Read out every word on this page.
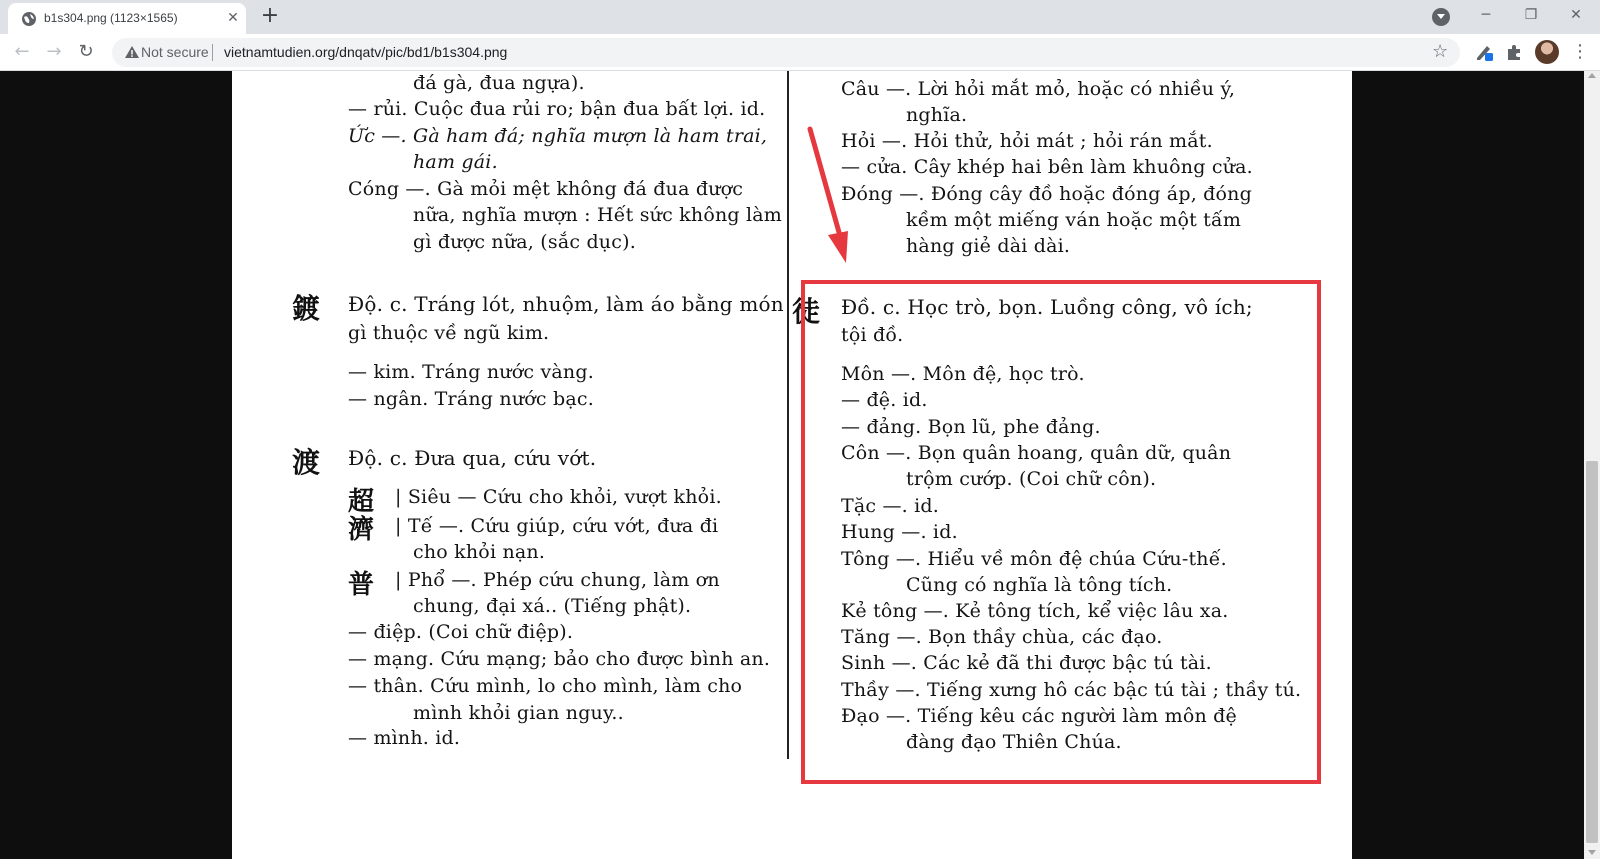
b1s304.png (1123×1565)	✕ +	─	❐	✕
← → ↻	Not secure vietnamtudien.org/dnqatv/pic/bd1/b1s304.png	☆	⋮
đá gà, đua ngựa).
— rủi. Cuộc đua rủi ro; bận đua bất lợi. id.
Ức —. Gà ham đá; nghĩa mượn là ham trai,
ham gái.
Cóng —. Gà mỏi mệt không đá đua được
nữa, nghĩa mượn : Hết sức không làm
gì được nữa, (sắc dục).
鍍 Độ. c. Tráng lót, nhuộm, làm áo bằng món
gì thuộc về ngũ kim.
— kim. Tráng nước vàng.
— ngân. Tráng nước bạc.
渡 Độ. c. Đưa qua, cứu vớt.
超
濟
普
| Siêu — Cứu cho khỏi, vượt khỏi.
| Tế —. Cứu giúp, cứu vớt, đưa đi
cho khỏi nạn.
| Phổ —. Phép cứu chung, làm ơn
chung, đại xá.. (Tiếng phật).
— điệp. (Coi chữ điệp).
— mạng. Cứu mạng; bảo cho được bình an.
— thân. Cứu mình, lo cho mình, làm cho
mình khỏi gian nguy..
— mình. id.
Câu —. Lời hỏi mắt mỏ, hoặc có nhiều ý,
nghĩa.
Hỏi —. Hỏi thử, hỏi mát ; hỏi rán mắt.
— cửa. Cây khép hai bên làm khuông cửa.
Đóng —. Đóng cây đồ hoặc đóng áp, đóng
kềm một miếng ván hoặc một tấm
hàng giẻ dài dài.
徒 Đồ. c. Học trò, bọn. Luồng công, vô ích;
tội đồ.
Môn —. Môn đệ, học trò.
— đệ. id.
— đảng. Bọn lũ, phe đảng.
Côn —. Bọn quân hoang, quân dữ, quân
trộm cướp. (Coi chữ côn).
Tặc —. id.
Hung —. id.
Tông —. Hiểu về môn đệ chúa Cứu-thế.
Cũng có nghĩa là tông tích.
Kẻ tông —. Kẻ tông tích, kể việc lâu xa.
Tăng —. Bọn thầy chùa, các đạo.
Sinh —. Các kẻ đã thi được bậc tú tài.
Thầy —. Tiếng xưng hô các bậc tú tài ; thầy tú.
Đạo —. Tiếng kêu các người làm môn đệ
đàng đạo Thiên Chúa.
